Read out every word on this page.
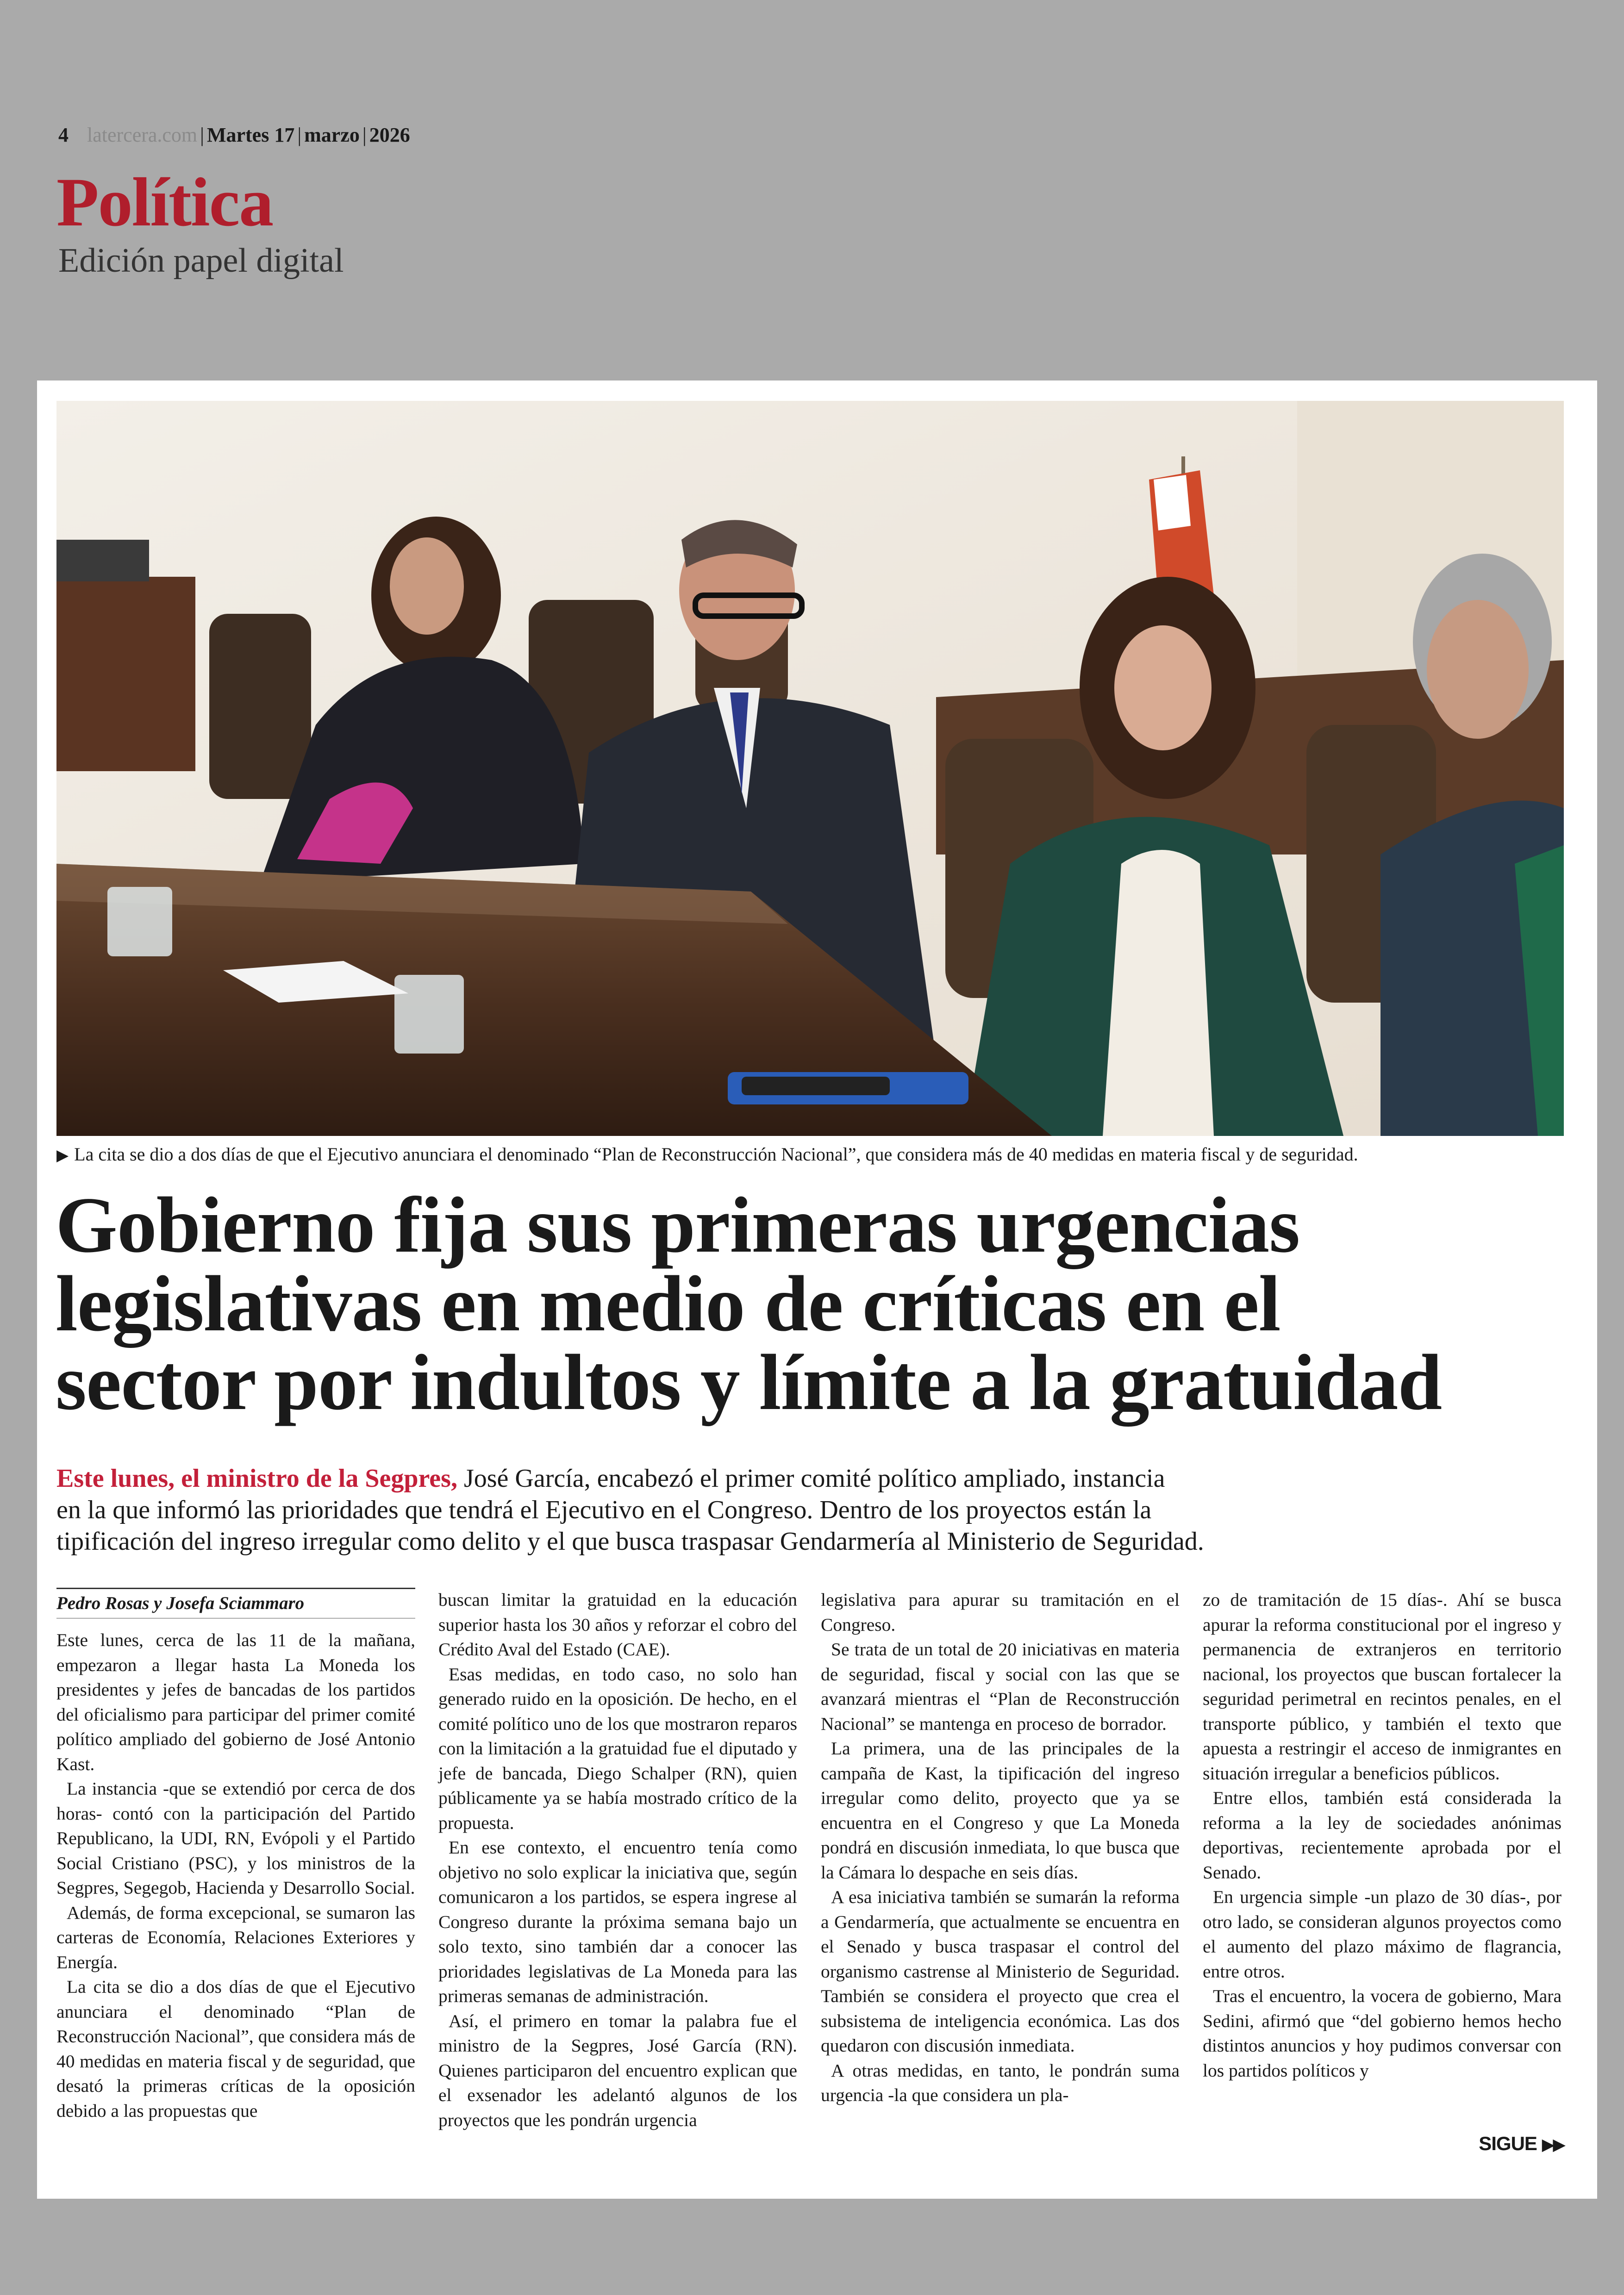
4 latercera.com | Martes 17 | marzo | 2026
Política
Edición papel digital
▶ La cita se dio a dos días de que el Ejecutivo anunciara el denominado “Plan de Reconstrucción Nacional”, que considera más de 40 medidas en materia fiscal y de seguridad.
Gobierno fija sus primeras urgencias
legislativas en medio de críticas en el
sector por indultos y límite a la gratuidad
Este lunes, el ministro de la Segpres, José García, encabezó el primer comité político ampliado, instancia
en la que informó las prioridades que tendrá el Ejecutivo en el Congreso. Dentro de los proyectos están la
tipificación del ingreso irregular como delito y el que busca traspasar Gendarmería al Ministerio de Seguridad.
Pedro Rosas y Josefa Sciammaro

Este lunes, cerca de las 11 de la mañana, empezaron a llegar hasta La Moneda los presidentes y jefes de bancadas de los partidos del oficialismo para participar del primer comité político ampliado del gobierno de José Antonio Kast.

La instancia -que se extendió por cerca de dos horas- contó con la participación del Partido Republicano, la UDI, RN, Evópoli y el Partido Social Cristiano (PSC), y los ministros de la Segpres, Segegob, Hacienda y Desarrollo Social.

Además, de forma excepcional, se sumaron las carteras de Economía, Relaciones Exteriores y Energía.

La cita se dio a dos días de que el Ejecutivo anunciara el denominado “Plan de Reconstrucción Nacional”, que considera más de 40 medidas en materia fiscal y de seguridad, que desató la primeras críticas de la oposición debido a las propuestas que

buscan limitar la gratuidad en la educación superior hasta los 30 años y reforzar el cobro del Crédito Aval del Estado (CAE).

Esas medidas, en todo caso, no solo han generado ruido en la oposición. De hecho, en el comité político uno de los que mostraron reparos con la limitación a la gratuidad fue el diputado y jefe de bancada, Diego Schalper (RN), quien públicamente ya se había mostrado crítico de la propuesta.

En ese contexto, el encuentro tenía como objetivo no solo explicar la iniciativa que, según comunicaron a los partidos, se espera ingrese al Congreso durante la próxima semana bajo un solo texto, sino también dar a conocer las prioridades legislativas de La Moneda para las primeras semanas de administración.

Así, el primero en tomar la palabra fue el ministro de la Segpres, José García (RN). Quienes participaron del encuentro explican que el exsenador les adelantó algunos de los proyectos que les pondrán urgencia

legislativa para apurar su tramitación en el Congreso.

Se trata de un total de 20 iniciativas en materia de seguridad, fiscal y social con las que se avanzará mientras el “Plan de Reconstrucción Nacional” se mantenga en proceso de borrador.

La primera, una de las principales de la campaña de Kast, la tipificación del ingreso irregular como delito, proyecto que ya se encuentra en el Congreso y que La Moneda pondrá en discusión inmediata, lo que busca que la Cámara lo despache en seis días.

A esa iniciativa también se sumarán la reforma a Gendarmería, que actualmente se encuentra en el Senado y busca traspasar el control del organismo castrense al Ministerio de Seguridad. También se considera el proyecto que crea el subsistema de inteligencia económica. Las dos quedaron con discusión inmediata.

A otras medidas, en tanto, le pondrán suma urgencia -la que considera un pla-

zo de tramitación de 15 días-. Ahí se busca apurar la reforma constitucional por el ingreso y permanencia de extranjeros en territorio nacional, los proyectos que buscan fortalecer la seguridad perimetral en recintos penales, en el transporte público, y también el texto que apuesta a restringir el acceso de inmigrantes en situación irregular a beneficios públicos.

Entre ellos, también está considerada la reforma a la ley de sociedades anónimas deportivas, recientemente aprobada por el Senado.

En urgencia simple -un plazo de 30 días-, por otro lado, se consideran algunos proyectos como el aumento del plazo máximo de flagrancia, entre otros.

Tras el encuentro, la vocera de gobierno, Mara Sedini, afirmó que “del gobierno hemos hecho distintos anuncios y hoy pudimos conversar con los partidos políticos y

SIGUE ▶▶
